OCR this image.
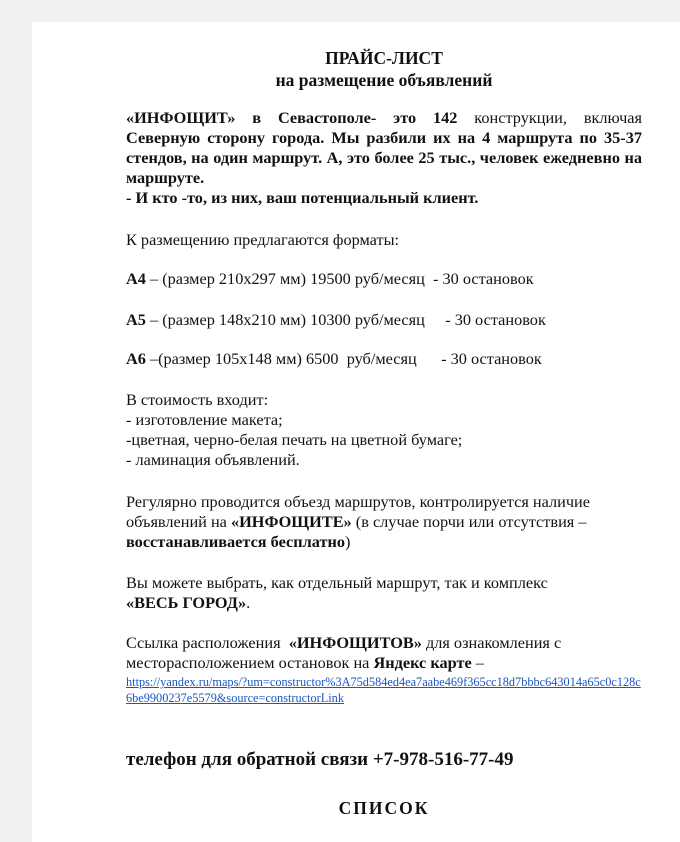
ПРАЙС-ЛИСТ
на размещение объявлений
«ИНФОЩИТ» в Севастополе- это 142 конструкции, включая Северную сторону города. Мы разбили их на 4 маршрута по 35-37 стендов, на один маршрут. А, это более 25 тыс., человек ежедневно на маршруте.
- И кто -то, из них, ваш потенциальный клиент.
К размещению предлагаются форматы:
А4 – (размер 210х297 мм) 19500 руб/месяц  - 30 остановок
А5 – (размер 148х210 мм) 10300 руб/месяц     - 30 остановок
А6 –(размер 105х148 мм) 6500  руб/месяц      - 30 остановок
В стоимость входит:
- изготовление макета;
-цветная, черно-белая печать на цветной бумаге;
- ламинация объявлений.
Регулярно проводится объезд маршрутов, контролируется наличие объявлений на «ИНФОЩИТЕ» (в случае порчи или отсутствия – восстанавливается бесплатно)
Вы можете выбрать, как отдельный маршрут, так и комплекс «ВЕСЬ ГОРОД».
Ссылка расположения  «ИНФОЩИТОВ» для ознакомления с месторасположением остановок на Яндекс карте –
https://yandex.ru/maps/?um=constructor%3A75d584ed4ea7aabe469f365cc18d7bbbc643014a65c0c128c6be9900237e5579&source=constructorLink
телефон для обратной связи +7-978-516-77-49
СПИСОК
